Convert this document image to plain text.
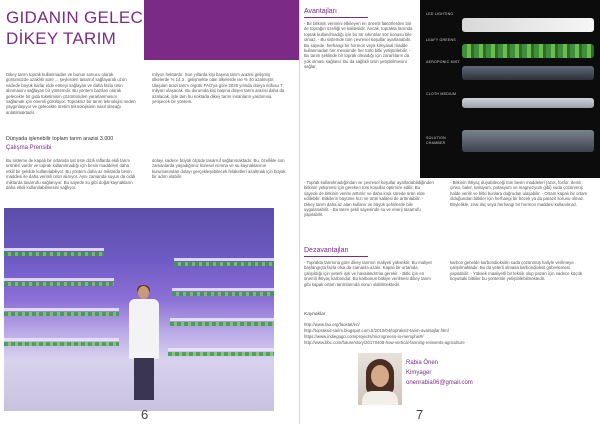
GIDANIN GELECEĞİ
DİKEY TARIM
Dikey tarım toprak kullanmadan ve bunun sonucu olarak günümüzde uzaklık/ süre ... şeylerden tasarruf sağlayarak uzun vadede büyük karlar elde etmeyi sağlayan ve daha fazla ürün alınmasını sağlayan bir yöntemdir. Bu yöntem bazıları olarak gelecekte bir gıda tüketiminin çözümünden yararlanmasını sağlamak için önemli görülüyor. Topraksız bir tarım teknolojisi neden yaygınlaşıyor ve gelecekte üretim teknolojisinin nasıl olacağı anlatılmaktadır.
milyon hektardır. Son yıllarda kişi başına tarım arazisi gelişmiş ülkelerde % 14,3 , gelişmekte olan ülkelerde ise % 40 azalmıştır. Ulaşılan arazi tarım örgütü FAO'ya göre 2030 yılında dünya nüfusu 7 milyarı ulaşacak. Bu durumda kişi başına düşen tarım arazisi daha da azalacak. İşte tam bu noktada dikey tarım insanların yardımına yetişecek bir yöntem.
Dünyada işlenebilir toplam tarım arazisi 3.000
Çalışma Prensibi
Bu sisteme de kapalı bir ortamda üst üste dizili raflarda ekili tarım ürünleri vardır ve toprak kullanılmadığı için besin maddeleri daha etkili bir şekilde kullanılabiliyor. Bu yöntem daha az miktarda besin maddesi ile daha verimli ürün alınıyor. Aynı zamanda suyun da ciddi miktarda tasarrufu sağlanıyor. Bu sayede su gibi doğal kaynakların daha etkili kullanılabilmesini sağlıyor.
dolayı sadece büyük ölçüde tasarruf sağlanmaktadır. Bu, özellikle son zamanlarda yaşadığımız küresel ısınma ve su kaynaklarının kurumasından dolayı gerçekleşebilecek felaketleri azaltmak için büyük bir adım olabilir.
6
LED LIGHTING
LEAFY GREENS
AEROPONIC MIST
CLOTH MEDIUM
SOLUTION CHAMBER
Avantajları
- Bir bitkinin verimini etkileyen en önemli faktörlerden biri de toprağın özelliği ve kalitesidir. Ancak, toprakta tarımda toprak kullanılmadığı için bu tür sıkıntılar söz konusu bile olmaz. - Bu sistemde tüm çevresel koşullar ayarlanabilir. Bu sayede, herhangi bir hormon veya kimyasal madde kullanmadan her mevsimde her türlü bitki yetiştirilebilir. - Bu tarım şeklinde bir toprak olmadığı için zararlıların da yok olması sağlanır. Bu da sağlıklı ürün yetiştirilmesini sağlar.
- Toprak kullanılmadığından ve çevresel koşullar ayarlanabildiğinden bitkinin yetişmesi için gereken tüm koşullar optimize edilir. Bu sayede de bitkinin verimi arttırılır ve daha kısa sürede ürün elde edilebilir. Bitkilerin büyüme hızı ve ürün kalitesi de arttırılabilir. - Dikey tarım daha az alan kullanır ve büyük şehirlerde bile uygulanabilir. - Bu tarım şekli sayesinde su ve enerji tasarrufu yapılabilir.
- Bitkinin ihtiyaç duyabileceği tüm besin maddeleri (azot, fosfor, demir, çinko, bakır, kalsiyum, potasyum ve magnezyum gibi) suda çözünmüş halde verilir ve bitki bunlara doğrudan ulaşabilir. - Ortam kapalı bir ortam olduğundan bitkiler için herhangi bir böcek ya da parazit sorunu olmaz. Böylelikle, zirai ilaç veya herhangi bir hormon maddesi kullanılmaz.
Dezavantajları
- Toprakta tarımına göre dikey tarımın maliyeti yüksektir. Bu maliyet başlangıçta fazla olsa da zamanla azalır. Kapalı bir ortamda çalışıldığı için yeterli ışık ve havalandırma gerekir. - Bitki için en önemli ihtiyaç karbondur. Bu karbonun bitkiye verilmesi dikey tarım gibi kapalı ortam tarımlarında sorun olabilmektedir.
karbon genelde karbondioksitin suda çözünmüş haliyle verilmeye çalışılmaktadır. Bu da yeterli olmasa karbondioksit gübrelemesi yapılabilir. - Yüksek maaliyetli bir teknik olup pazarı için sadece küçük boyuttaki bitkiler bu yöntemle yetiştirilebilmektedir.
Kaynaklar
http://www.fao.org/faostat/en/
http://topraksiz-tarim.blogspot.com.tr/2010/04/topraksiz-tarim-avantajlar.html
https://www.indiegogo.com/projects/microgreens-in-memphis#/
http://www.bbc.com/future/story/20170405-how-vertical-farming-reinvents-agriculture
Rabia Önen
Kimyager
onenrabia06@gmail.com
7
